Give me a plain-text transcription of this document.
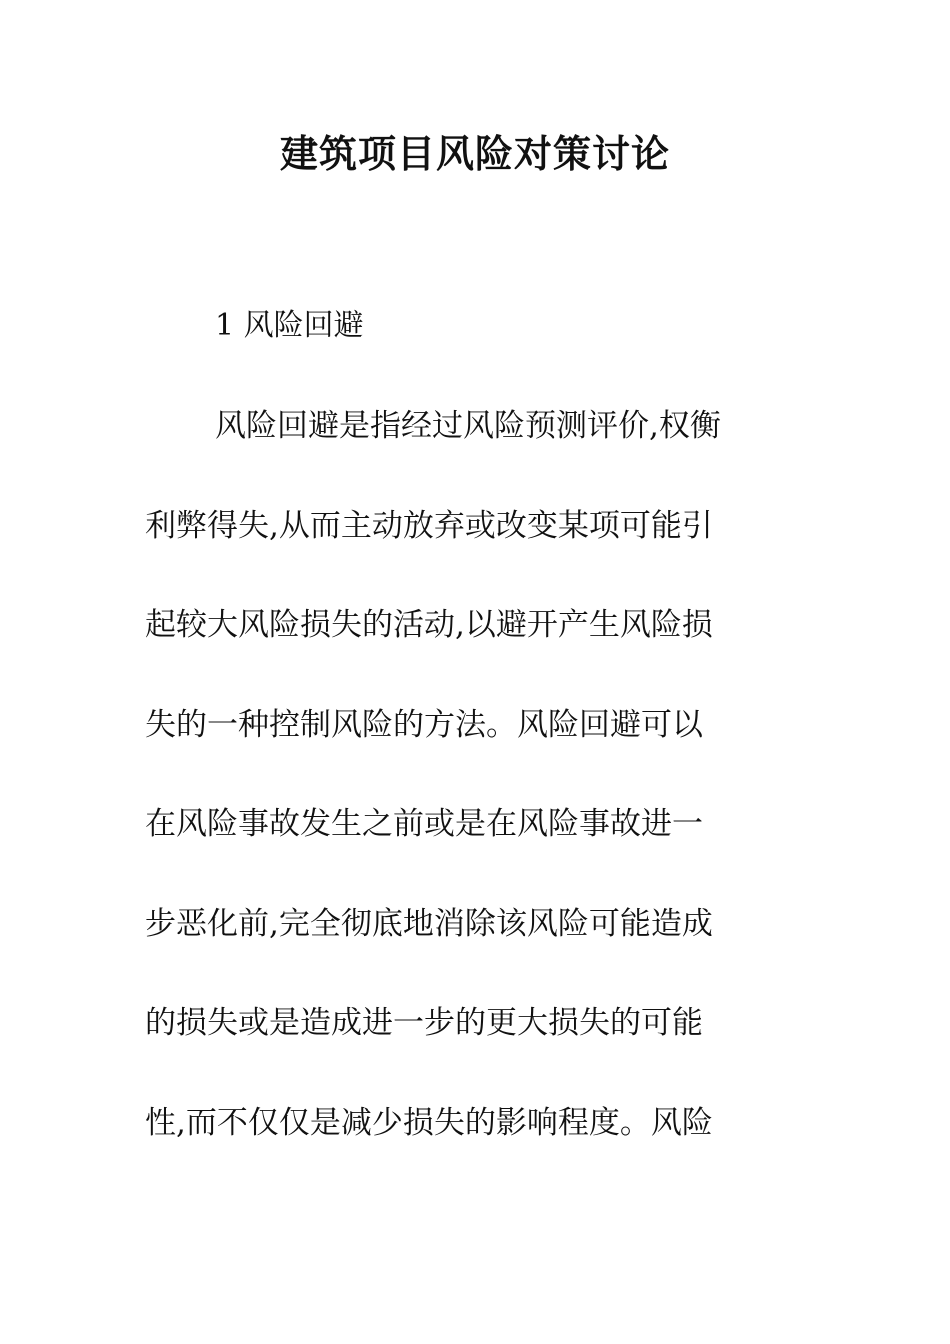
建筑项目风险对策讨论

1 风险回避

风险回避是指经过风险预测评价,权衡

利弊得失,从而主动放弃或改变某项可能引

起较大风险损失的活动,以避开产生风险损

失的一种控制风险的方法。风险回避可以

在风险事故发生之前或是在风险事故进一

步恶化前,完全彻底地消除该风险可能造成

的损失或是造成进一步的更大损失的可能

性,而不仅仅是减少损失的影响程度。风险
